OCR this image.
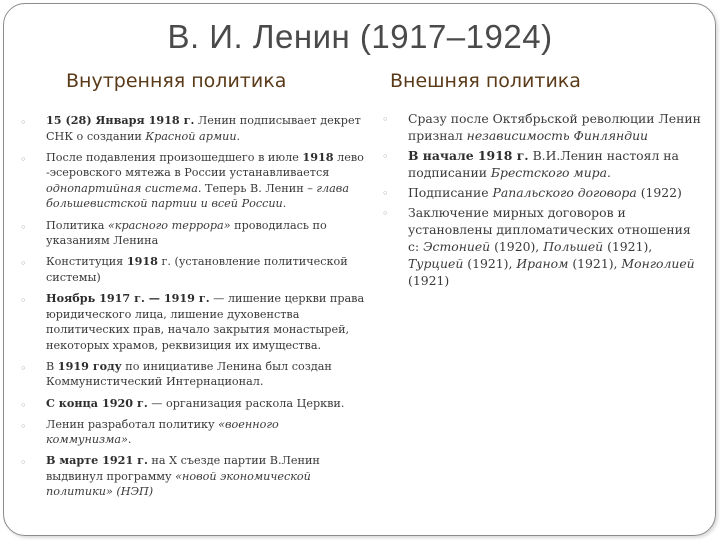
В. И. Ленин (1917–1924)
Внутренняя политика	Внешняя политика
◦ 15 (28) Января 1918 г. Ленин подписывает декрет СНК о создании Красной армии.
◦ После подавления произошедшего в июле 1918 лево -эсеровского мятежа в России устанавливается однопартийная система. Теперь В. Ленин – глава большевистской партии и всей России.
◦ Политика «красного террора» проводилась по указаниям Ленина
◦ Конституция 1918 г. (установление политической системы)
◦ Ноябрь 1917 г. — 1919 г. — лишение церкви права юридического лица, лишение духовенства политических прав, начало закрытия монастырей, некоторых храмов, реквизиция их имущества.
◦ В 1919 году по инициативе Ленина был создан Коммунистический Интернационал.
◦ С конца 1920 г. — организация раскола Церкви.
◦ Ленин разработал политику «военного коммунизма».
◦ В марте 1921 г. на X съезде партии В.Ленин выдвинул программу «новой экономической политики» (НЭП)
◦ Сразу после Октябрьской революции Ленин признал независимость Финляндии
◦ В начале 1918 г. В.И.Ленин настоял на подписании Брестского мира.
◦ Подписание Рапальского договора (1922)
◦ Заключение мирных договоров и установлены дипломатических отношения с: Эстонией (1920), Польшей (1921), Турцией (1921), Ираном (1921), Монголией (1921)
